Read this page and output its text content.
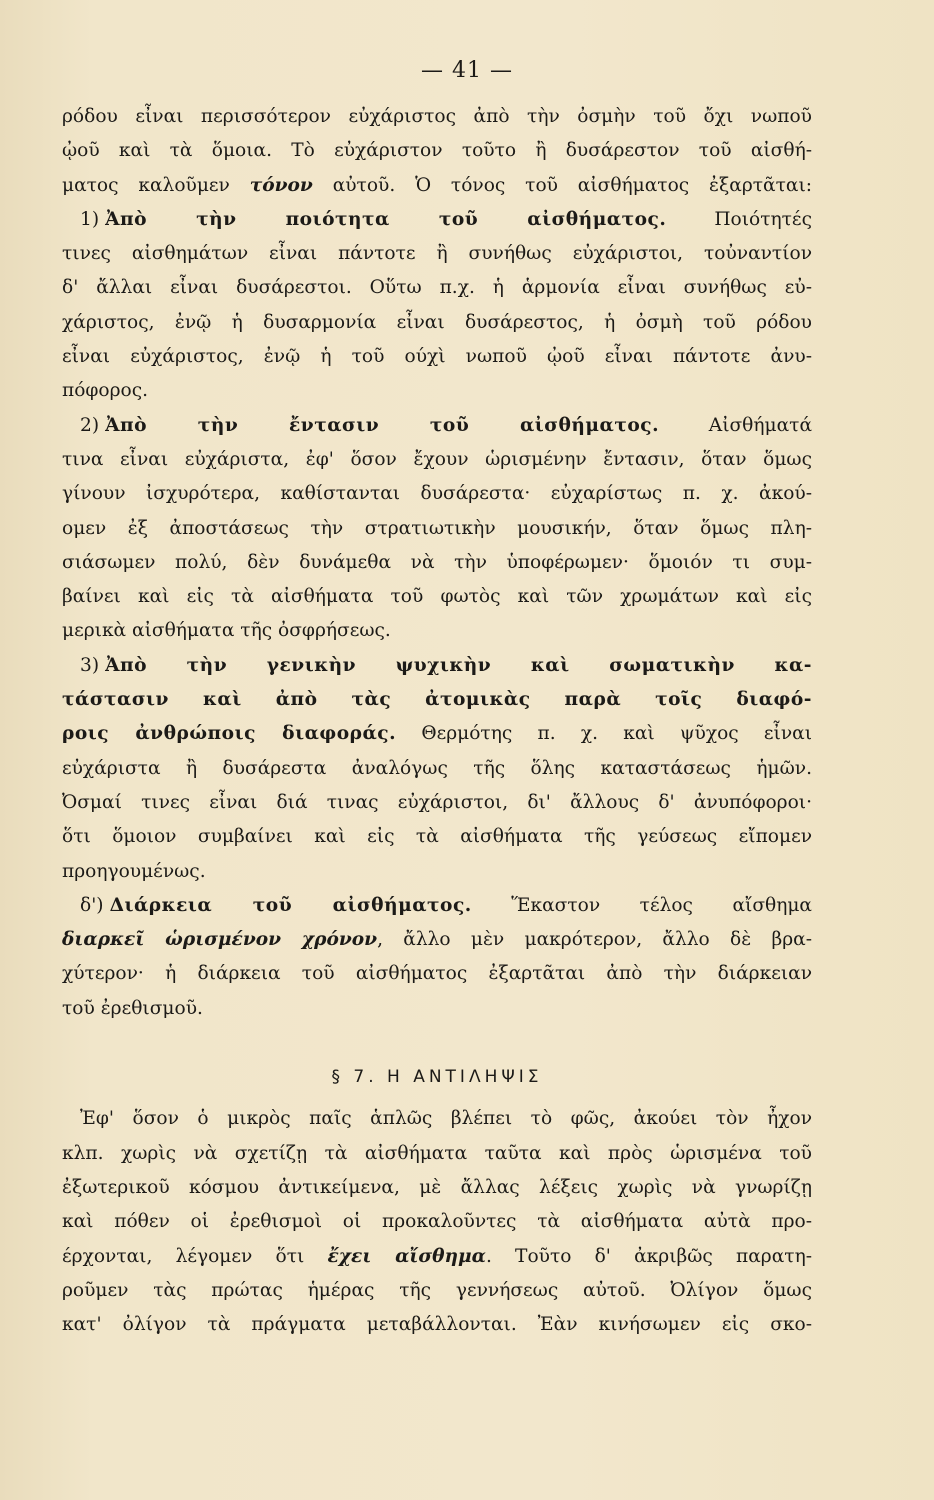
— 41 —
ρόδου εἶναι περισσότερον εὐχάριστος ἀπὸ τὴν ὀσμὴν τοῦ ὄχι νωποῦ
ᾠοῦ καὶ τὰ ὅμοια. Τὸ εὐχάριστον τοῦτο ἢ δυσάρεστον τοῦ αἰσθή-
ματος καλοῦμεν τόνον αὐτοῦ. Ὁ τόνος τοῦ αἰσθήματος ἐξαρτᾶται:
1) Ἀπὸ τὴν ποιότητα τοῦ αἰσθήματος. Ποιότητές
τινες αἰσθημάτων εἶναι πάντοτε ἢ συνήθως εὐχάριστοι, τοὐναντίον
δ' ἄλλαι εἶναι δυσάρεστοι. Οὕτω π.χ. ἡ ἁρμονία εἶναι συνήθως εὐ-
χάριστος, ἐνῷ ἡ δυσαρμονία εἶναι δυσάρεστος, ἡ ὀσμὴ τοῦ ρόδου
εἶναι εὐχάριστος, ἐνῷ ἡ τοῦ ούχὶ νωποῦ ᾠοῦ εἶναι πάντοτε ἀνυ-
πόφορος.
2) Ἀπὸ τὴν ἔντασιν τοῦ αἰσθήματος. Αἰσθήματά
τινα εἶναι εὐχάριστα, ἐφ' ὅσον ἔχουν ὡρισμένην ἔντασιν, ὅταν ὅμως
γίνουν ἰσχυρότερα, καθίστανται δυσάρεστα· εὐχαρίστως π. χ. ἀκού-
ομεν ἐξ ἀποστάσεως τὴν στρατιωτικὴν μουσικήν, ὅταν ὅμως πλη-
σιάσωμεν πολύ, δὲν δυνάμεθα νὰ τὴν ὑποφέρωμεν· ὅμοιόν τι συμ-
βαίνει καὶ εἰς τὰ αἰσθήματα τοῦ φωτὸς καὶ τῶν χρωμάτων καὶ εἰς
μερικὰ αἰσθήματα τῆς ὀσφρήσεως.
3) Ἀπὸ τὴν γενικὴν ψυχικὴν καὶ σωματικὴν κα-
τάστασιν καὶ ἀπὸ τὰς ἀτομικὰς παρὰ τοῖς διαφό-
ροις ἀνθρώποις διαφοράς. Θερμότης π. χ. καὶ ψῦχος εἶναι
εὐχάριστα ἢ δυσάρεστα ἀναλόγως τῆς ὅλης καταστάσεως ἡμῶν.
Ὀσμαί τινες εἶναι διά τινας εὐχάριστοι, δι' ἄλλους δ' ἀνυπόφοροι·
ὅτι ὅμοιον συμβαίνει καὶ εἰς τὰ αἰσθήματα τῆς γεύσεως εἴπομεν
προηγουμένως.
δ') Διάρκεια τοῦ αἰσθήματος. Ἕκαστον τέλος αἴσθημα
διαρκεῖ ὡρισμένον χρόνον, ἄλλο μὲν μακρότερον, ἄλλο δὲ βρα-
χύτερον· ἡ διάρκεια τοῦ αἰσθήματος ἐξαρτᾶται ἀπὸ τὴν διάρκειαν
τοῦ ἐρεθισμοῦ.
§ 7. Η ΑΝΤΙΛΗΨΙΣ
Ἐφ' ὅσον ὁ μικρὸς παῖς ἁπλῶς βλέπει τὸ φῶς, ἀκούει τὸν ἦχον
κλπ. χωρὶς νὰ σχετίζῃ τὰ αἰσθήματα ταῦτα καὶ πρὸς ὡρισμένα τοῦ
ἐξωτερικοῦ κόσμου ἀντικείμενα, μὲ ἄλλας λέξεις χωρὶς νὰ γνωρίζῃ
καὶ πόθεν οἱ ἐρεθισμοὶ οἱ προκαλοῦντες τὰ αἰσθήματα αὐτὰ προ-
έρχονται, λέγομεν ὅτι ἔχει αἴσθημα. Τοῦτο δ' ἀκριβῶς παρατη-
ροῦμεν τὰς πρώτας ἡμέρας τῆς γεννήσεως αὐτοῦ. Ὀλίγον ὅμως
κατ' ὀλίγον τὰ πράγματα μεταβάλλονται. Ἐὰν κινήσωμεν εἰς σκο-
